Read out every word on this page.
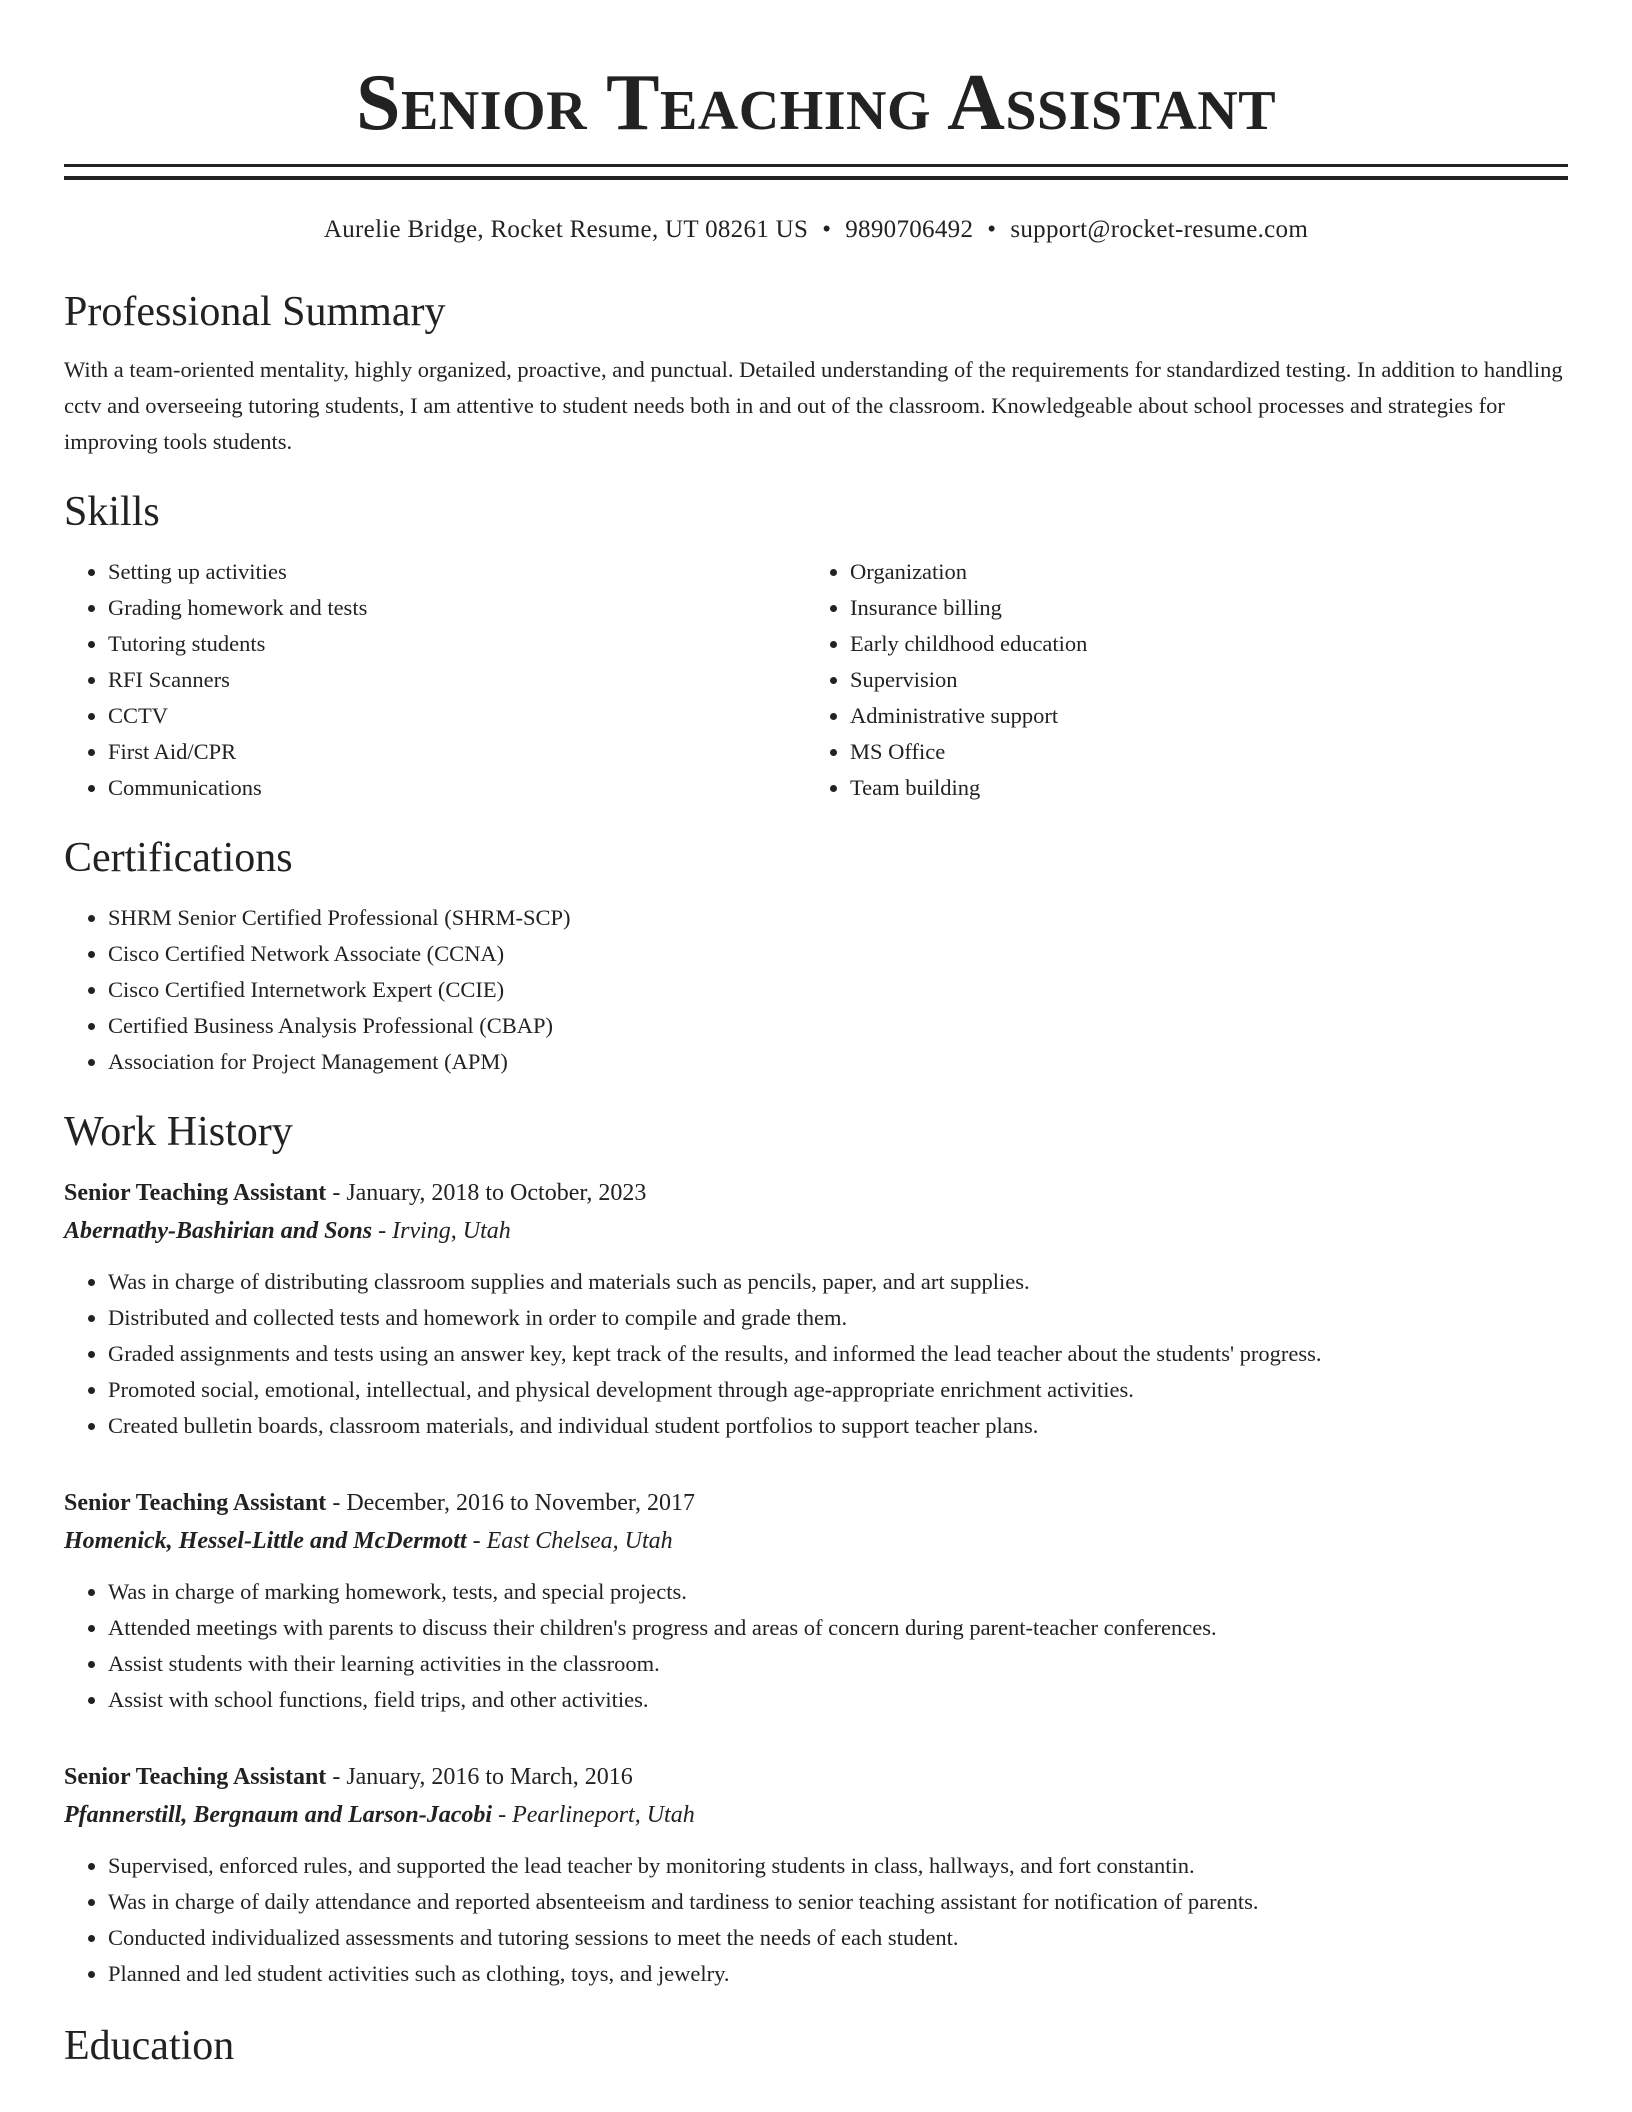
Senior Teaching Assistant
Aurelie Bridge, Rocket Resume, UT 08261 US • 9890706492 • support@rocket-resume.com
Professional Summary

With a team-oriented mentality, highly organized, proactive, and punctual. Detailed understanding of the requirements for standardized testing. In addition to handling cctv and overseeing tutoring students, I am attentive to student needs both in and out of the classroom. Knowledgeable about school processes and strategies for improving tools students.

Skills
• Setting up activities
• Grading homework and tests
• Tutoring students
• RFI Scanners
• CCTV
• First Aid/CPR
• Communications
• Organization
• Insurance billing
• Early childhood education
• Supervision
• Administrative support
• MS Office
• Team building
Certifications
• SHRM Senior Certified Professional (SHRM-SCP)
• Cisco Certified Network Associate (CCNA)
• Cisco Certified Internetwork Expert (CCIE)
• Certified Business Analysis Professional (CBAP)
• Association for Project Management (APM)
Work History
Senior Teaching Assistant - January, 2018 to October, 2023
Abernathy-Bashirian and Sons - Irving, Utah
• Was in charge of distributing classroom supplies and materials such as pencils, paper, and art supplies.
• Distributed and collected tests and homework in order to compile and grade them.
• Graded assignments and tests using an answer key, kept track of the results, and informed the lead teacher about the students' progress.
• Promoted social, emotional, intellectual, and physical development through age-appropriate enrichment activities.
• Created bulletin boards, classroom materials, and individual student portfolios to support teacher plans.
Senior Teaching Assistant - December, 2016 to November, 2017
Homenick, Hessel-Little and McDermott - East Chelsea, Utah
• Was in charge of marking homework, tests, and special projects.
• Attended meetings with parents to discuss their children's progress and areas of concern during parent-teacher conferences.
• Assist students with their learning activities in the classroom.
• Assist with school functions, field trips, and other activities.
Senior Teaching Assistant - January, 2016 to March, 2016
Pfannerstill, Bergnaum and Larson-Jacobi - Pearlineport, Utah
• Supervised, enforced rules, and supported the lead teacher by monitoring students in class, hallways, and fort constantin.
• Was in charge of daily attendance and reported absenteeism and tardiness to senior teaching assistant for notification of parents.
• Conducted individualized assessments and tutoring sessions to meet the needs of each student.
• Planned and led student activities such as clothing, toys, and jewelry.
Education
